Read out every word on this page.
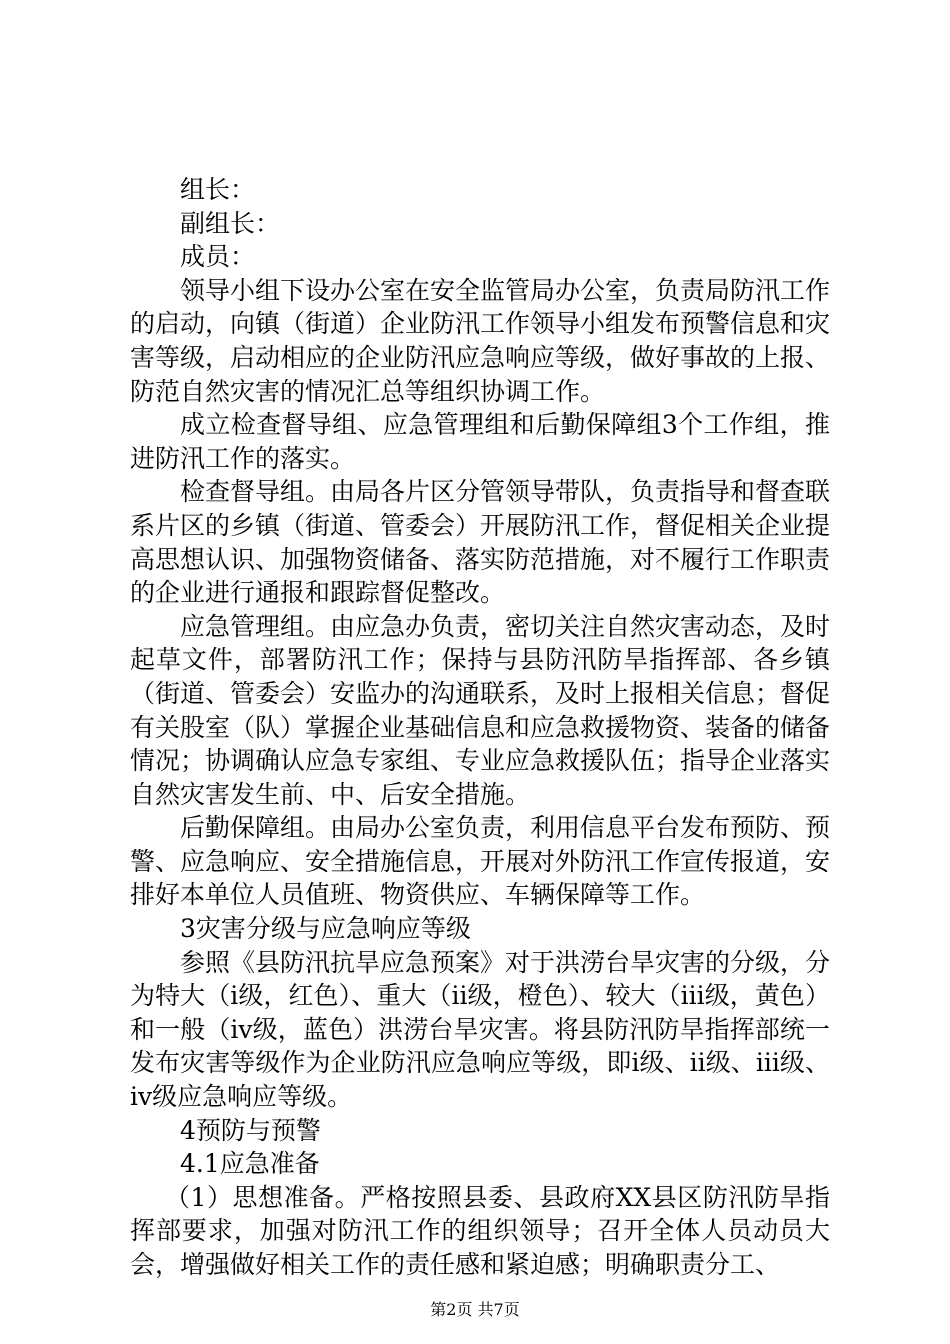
组长：

副组长：

成员：

领导小组下设办公室在安全监管局办公室，负责局防汛工作的启动，向镇（街道）企业防汛工作领导小组发布预警信息和灾害等级，启动相应的企业防汛应急响应等级，做好事故的上报、防范自然灾害的情况汇总等组织协调工作。

成立检查督导组、应急管理组和后勤保障组3个工作组，推进防汛工作的落实。

检查督导组。由局各片区分管领导带队，负责指导和督查联系片区的乡镇（街道、管委会）开展防汛工作，督促相关企业提高思想认识、加强物资储备、落实防范措施，对不履行工作职责的企业进行通报和跟踪督促整改。

应急管理组。由应急办负责，密切关注自然灾害动态，及时起草文件，部署防汛工作；保持与县防汛防旱指挥部、各乡镇（街道、管委会）安监办的沟通联系，及时上报相关信息；督促有关股室（队）掌握企业基础信息和应急救援物资、装备的储备情况；协调确认应急专家组、专业应急救援队伍；指导企业落实自然灾害发生前、中、后安全措施。

后勤保障组。由局办公室负责，利用信息平台发布预防、预警、应急响应、安全措施信息，开展对外防汛工作宣传报道，安排好本单位人员值班、物资供应、车辆保障等工作。

3灾害分级与应急响应等级

参照《县防汛抗旱应急预案》对于洪涝台旱灾害的分级，分为特大（i级，红色）、重大（ii级，橙色）、较大（iii级，黄色）和一般（iv级，蓝色）洪涝台旱灾害。将县防汛防旱指挥部统一发布灾害等级作为企业防汛应急响应等级，即i级、ii级、iii级、iv级应急响应等级。

4预防与预警

4.1应急准备

（1）思想准备。严格按照县委、县政府XX县区防汛防旱指挥部要求，加强对防汛工作的组织领导；召开全体人员动员大会，增强做好相关工作的责任感和紧迫感；明确职责分工、

第2页 共7页
